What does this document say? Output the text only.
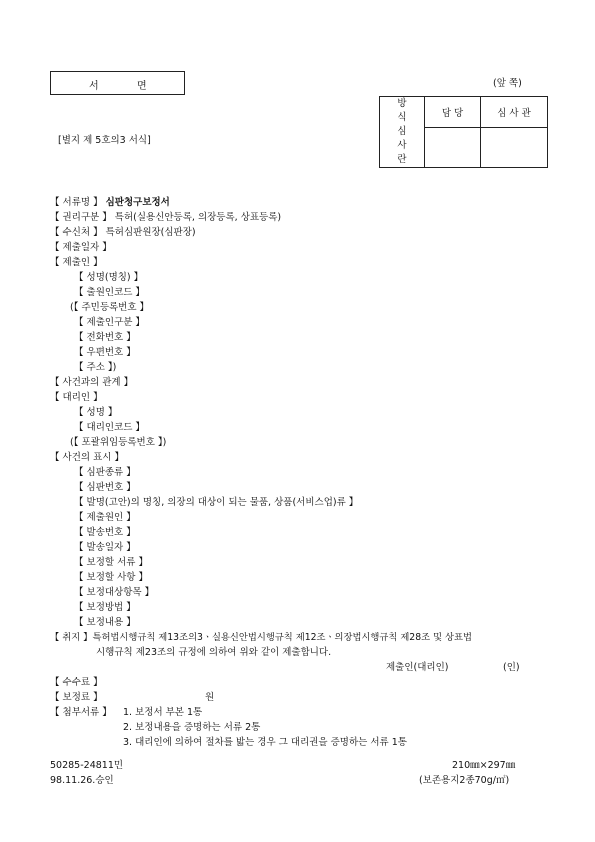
서	면	(앞 쪽)
[별지 제 5호의3 서식]
방
식
심
사
란	담 당	심 사 관

【 서류명 】 심판청구보정서
【 권리구분 】 특허(실용신안등록, 의장등록, 상표등록)
【 수신처 】 특허심판원장(심판장)
【 제출일자 】
【 제출인 】
【 성명(명칭) 】
【 출원인코드 】
(【 주민등록번호 】
【 제출인구분 】
【 전화번호 】
【 우편번호 】
【 주소 】)
【 사건과의 관계 】
【 대리인 】
【 성명 】
【 대리인코드 】
(【 포괄위임등록번호 】)
【 사건의 표시 】
【 심판종류 】
【 심판번호 】
【 발명(고안)의 명칭, 의장의 대상이 되는 물품, 상품(서비스업)류 】
【 제출원인 】
【 발송번호 】
【 발송일자 】
【 보정할 서류 】
【 보정할 사항 】
【 보정대상항목 】
【 보정방법 】
【 보정내용 】
【 취지 】특허법시행규칙 제13조의3ㆍ실용신안법시행규칙 제12조ㆍ의장법시행규칙 제28조 및 상표법
시행규칙 제23조의 규정에 의하여 위와 같이 제출합니다.
제출인(대리인)	(인)
【 수수료 】
【 보정료 】	원
【 첨부서류 】 1. 보정서 부본 1통
2. 보정내용을 증명하는 서류 2통
3. 대리인에 의하여 절차를 밟는 경우 그 대리권을 증명하는 서류 1통
50285-24811민
98.11.26.승인
210㎜×297㎜
(보존용지2종70g/㎡)
